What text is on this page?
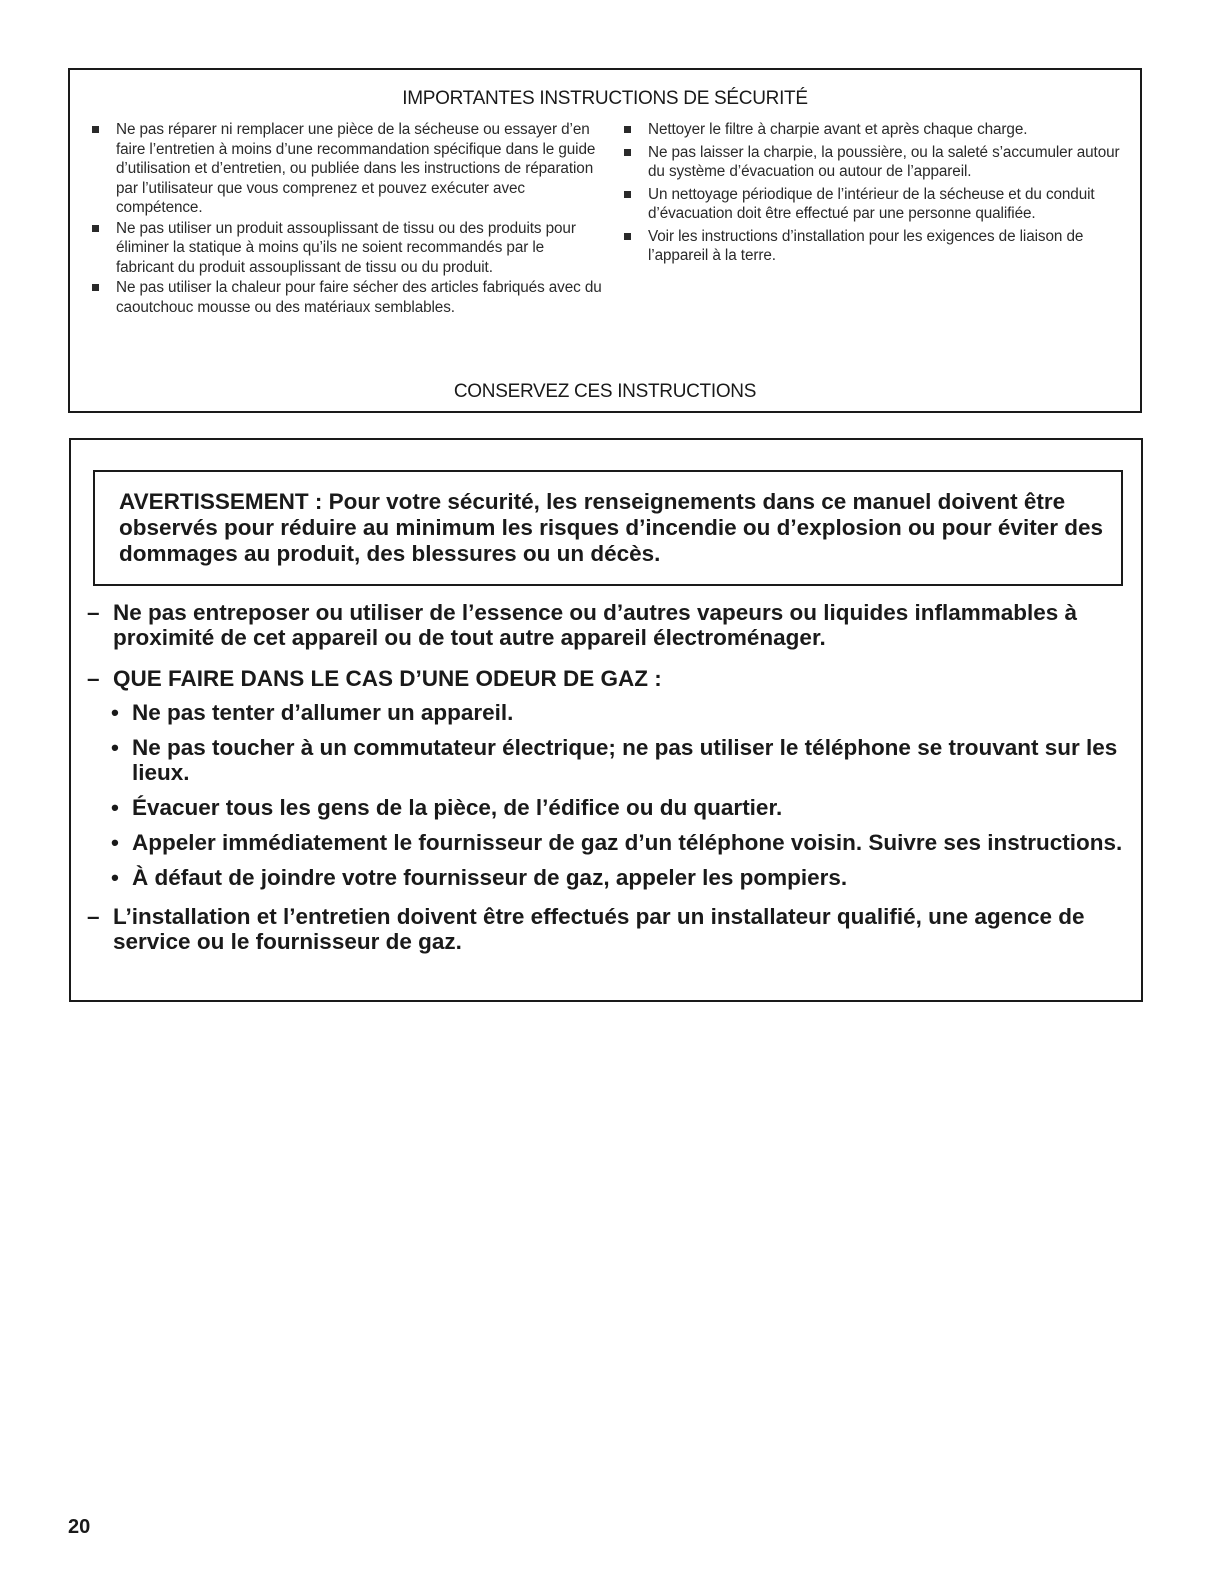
IMPORTANTES INSTRUCTIONS DE SÉCURITÉ
Ne pas réparer ni remplacer une pièce de la sécheuse ou essayer d’en faire l’entretien à moins d’une recommandation spécifique dans le guide d’utilisation et d’entretien, ou publiée dans les instructions de réparation par l’utilisateur que vous comprenez et pouvez exécuter avec compétence.
Ne pas utiliser un produit assouplissant de tissu ou des produits pour éliminer la statique à moins qu’ils ne soient recommandés par le fabricant du produit assouplissant de tissu ou du produit.
Ne pas utiliser la chaleur pour faire sécher des articles fabriqués avec du caoutchouc mousse ou des matériaux semblables.
Nettoyer le filtre à charpie avant et après chaque charge.
Ne pas laisser la charpie, la poussière, ou la saleté s’accumuler autour du système d’évacuation ou autour de l’appareil.
Un nettoyage périodique de l’intérieur de la sécheuse et du conduit d’évacuation doit être effectué par une personne qualifiée.
Voir les instructions d’installation pour les exigences de liaison de l’appareil à la terre.
CONSERVEZ CES INSTRUCTIONS
AVERTISSEMENT : Pour votre sécurité, les renseignements dans ce manuel doivent être observés pour réduire au minimum les risques d’incendie ou d’explosion ou pour éviter des dommages au produit, des blessures ou un décès.
– Ne pas entreposer ou utiliser de l’essence ou d’autres vapeurs ou liquides inflammables à proximité de cet appareil ou de tout autre appareil électroménager.
– QUE FAIRE DANS LE CAS D’UNE ODEUR DE GAZ :
• Ne pas tenter d’allumer un appareil.
• Ne pas toucher à un commutateur électrique; ne pas utiliser le téléphone se trouvant sur les lieux.
• Évacuer tous les gens de la pièce, de l’édifice ou du quartier.
• Appeler immédiatement le fournisseur de gaz d’un téléphone voisin. Suivre ses instructions.
• À défaut de joindre votre fournisseur de gaz, appeler les pompiers.
– L’installation et l’entretien doivent être effectués par un installateur qualifié, une agence de service ou le fournisseur de gaz.
20
